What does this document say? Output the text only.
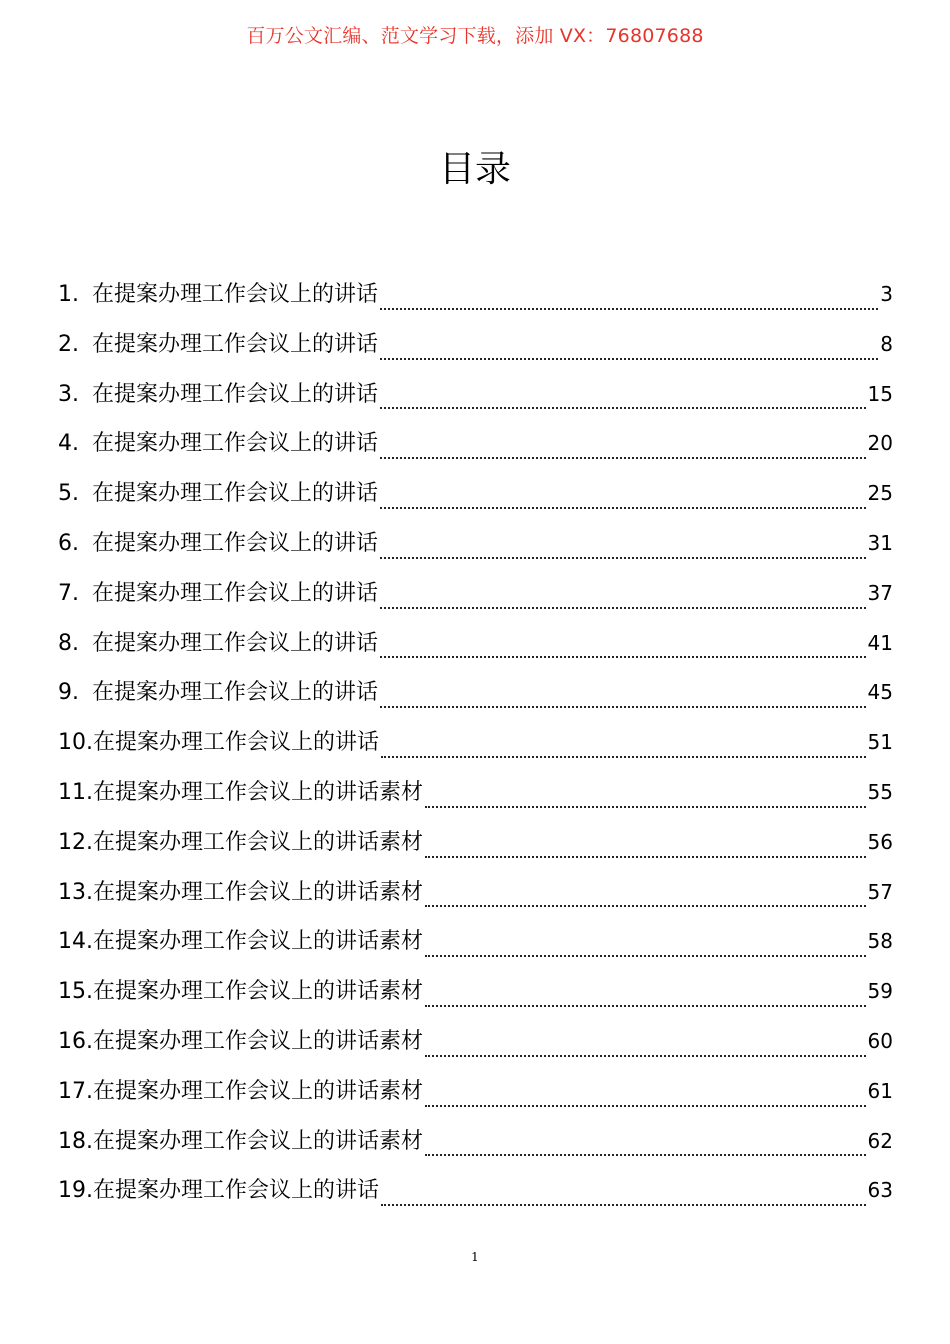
百万公文汇编、范文学习下载，添加 VX：76807688
目录
1. 在提案办理工作会议上的讲话	3
2. 在提案办理工作会议上的讲话	8
3. 在提案办理工作会议上的讲话	15
4. 在提案办理工作会议上的讲话	20
5. 在提案办理工作会议上的讲话	25
6. 在提案办理工作会议上的讲话	31
7. 在提案办理工作会议上的讲话	37
8. 在提案办理工作会议上的讲话	41
9. 在提案办理工作会议上的讲话	45
10. 在提案办理工作会议上的讲话	51
11. 在提案办理工作会议上的讲话素材	55
12. 在提案办理工作会议上的讲话素材	56
13. 在提案办理工作会议上的讲话素材	57
14. 在提案办理工作会议上的讲话素材	58
15. 在提案办理工作会议上的讲话素材	59
16. 在提案办理工作会议上的讲话素材	60
17. 在提案办理工作会议上的讲话素材	61
18. 在提案办理工作会议上的讲话素材	62
19. 在提案办理工作会议上的讲话	63
1
